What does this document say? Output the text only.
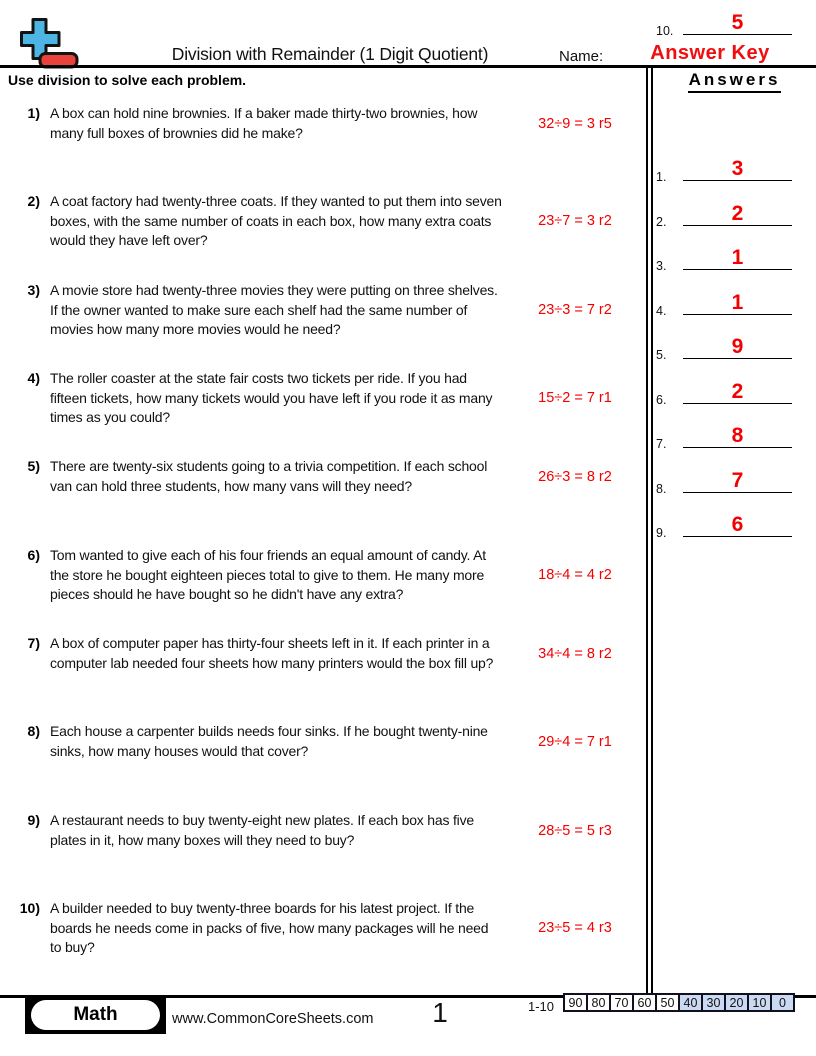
Division with Remainder (1 Digit Quotient)	Name:	Answer Key
Use division to solve each problem.
1) A box can hold nine brownies. If a baker made thirty-two brownies, how many full boxes of brownies did he make?
32÷9 = 3 r5
2) A coat factory had twenty-three coats. If they wanted to put them into seven boxes, with the same number of coats in each box, how many extra coats would they have left over?
23÷7 = 3 r2
3) A movie store had twenty-three movies they were putting on three shelves. If the owner wanted to make sure each shelf had the same number of movies how many more movies would he need?
23÷3 = 7 r2
4) The roller coaster at the state fair costs two tickets per ride. If you had fifteen tickets, how many tickets would you have left if you rode it as many times as you could?
15÷2 = 7 r1
5) There are twenty-six students going to a trivia competition. If each school van can hold three students, how many vans will they need?
26÷3 = 8 r2
6) Tom wanted to give each of his four friends an equal amount of candy. At the store he bought eighteen pieces total to give to them. He many more pieces should he have bought so he didn't have any extra?
18÷4 = 4 r2
7) A box of computer paper has thirty-four sheets left in it. If each printer in a computer lab needed four sheets how many printers would the box fill up?
34÷4 = 8 r2
8) Each house a carpenter builds needs four sinks. If he bought twenty-nine sinks, how many houses would that cover?
29÷4 = 7 r1
9) A restaurant needs to buy twenty-eight new plates. If each box has five plates in it, how many boxes will they need to buy?
28÷5 = 5 r3
10) A builder needed to buy twenty-three boards for his latest project. If the boards he needs come in packs of five, how many packages will he need to buy?
23÷5 = 4 r3
Answers
1.	3
2.	2
3.	1
4.	1
5.	9
6.	2
7.	8
8.	7
9.	6
10.	5
Math	www.CommonCoreSheets.com 1	1-10	90 80 70 60 50 40 30 20 10	0
